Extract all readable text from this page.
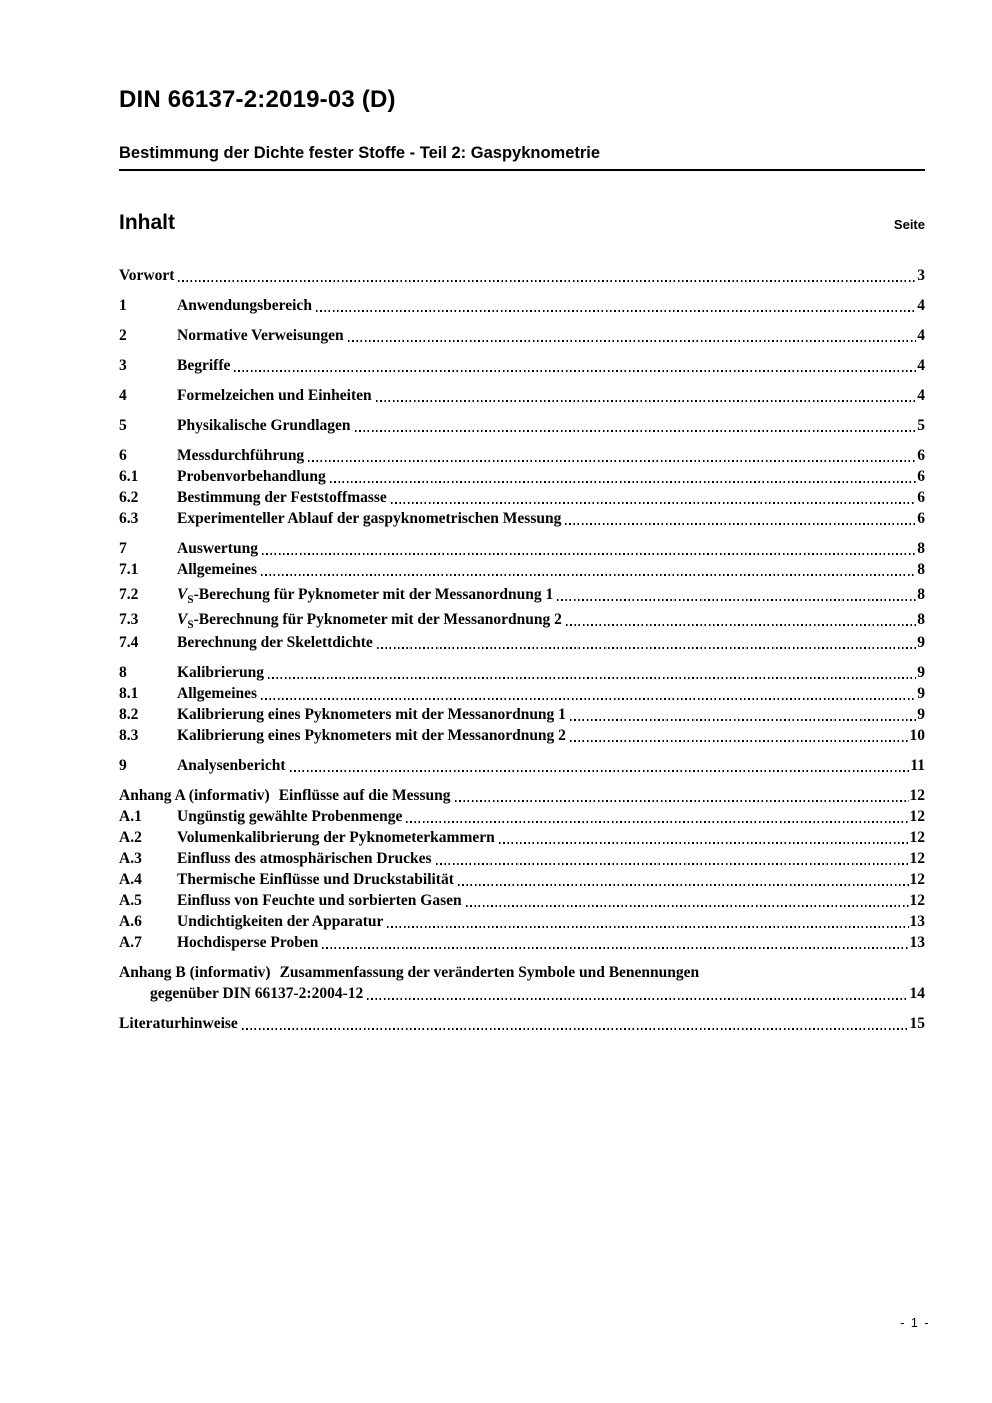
DIN 66137-2:2019-03 (D)
Bestimmung der Dichte fester Stoffe - Teil 2: Gaspyknometrie
Inhalt	Seite
Vorwort	3
1	Anwendungsbereich	4
2	Normative Verweisungen	4
3	Begriffe	4
4	Formelzeichen und Einheiten	4
5	Physikalische Grundlagen	5
6	Messdurchführung	6
6.1	Probenvorbehandlung	6
6.2	Bestimmung der Feststoffmasse	6
6.3	Experimenteller Ablauf der gaspyknometrischen Messung	6
7	Auswertung	8
7.1	Allgemeines	8
7.2	$V_S$-Berechung für Pyknometer mit der Messanordnung 1	8
7.3	$V_S$-Berechnung für Pyknometer mit der Messanordnung 2	8
7.4	Berechnung der Skelettdichte	9
8	Kalibrierung	9
8.1	Allgemeines	9
8.2	Kalibrierung eines Pyknometers mit der Messanordnung 1	9
8.3	Kalibrierung eines Pyknometers mit der Messanordnung 2	10
9	Analysenbericht	11
Anhang A (informativ) Einflüsse auf die Messung	12
A.1	Ungünstig gewählte Probenmenge	12
A.2	Volumenkalibrierung der Pyknometerkammern	12
A.3	Einfluss des atmosphärischen Druckes	12
A.4	Thermische Einflüsse und Druckstabilität	12
A.5	Einfluss von Feuchte und sorbierten Gasen	12
A.6	Undichtigkeiten der Apparatur	13
A.7	Hochdisperse Proben	13
Anhang B (informativ) Zusammenfassung der veränderten Symbole und Benennungen
gegenüber DIN 66137-2:2004-12	14
Literaturhinweise	15
- 1 -
